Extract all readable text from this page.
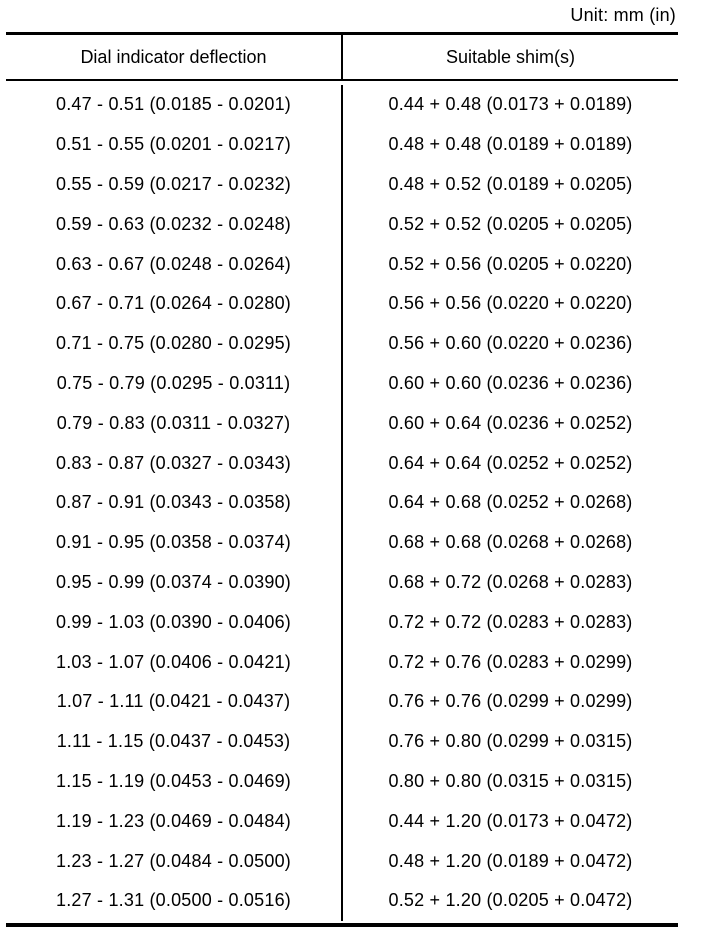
Unit: mm (in)
Dial indicator deflection	Suitable shim(s)
0.47 - 0.51 (0.0185 - 0.0201)	0.44 + 0.48 (0.0173 + 0.0189)
0.51 - 0.55 (0.0201 - 0.0217)	0.48 + 0.48 (0.0189 + 0.0189)
0.55 - 0.59 (0.0217 - 0.0232)	0.48 + 0.52 (0.0189 + 0.0205)
0.59 - 0.63 (0.0232 - 0.0248)	0.52 + 0.52 (0.0205 + 0.0205)
0.63 - 0.67 (0.0248 - 0.0264)	0.52 + 0.56 (0.0205 + 0.0220)
0.67 - 0.71 (0.0264 - 0.0280)	0.56 + 0.56 (0.0220 + 0.0220)
0.71 - 0.75 (0.0280 - 0.0295)	0.56 + 0.60 (0.0220 + 0.0236)
0.75 - 0.79 (0.0295 - 0.0311)	0.60 + 0.60 (0.0236 + 0.0236)
0.79 - 0.83 (0.0311 - 0.0327)	0.60 + 0.64 (0.0236 + 0.0252)
0.83 - 0.87 (0.0327 - 0.0343)	0.64 + 0.64 (0.0252 + 0.0252)
0.87 - 0.91 (0.0343 - 0.0358)	0.64 + 0.68 (0.0252 + 0.0268)
0.91 - 0.95 (0.0358 - 0.0374)	0.68 + 0.68 (0.0268 + 0.0268)
0.95 - 0.99 (0.0374 - 0.0390)	0.68 + 0.72 (0.0268 + 0.0283)
0.99 - 1.03 (0.0390 - 0.0406)	0.72 + 0.72 (0.0283 + 0.0283)
1.03 - 1.07 (0.0406 - 0.0421)	0.72 + 0.76 (0.0283 + 0.0299)
1.07 - 1.11 (0.0421 - 0.0437)	0.76 + 0.76 (0.0299 + 0.0299)
1.11 - 1.15 (0.0437 - 0.0453)	0.76 + 0.80 (0.0299 + 0.0315)
1.15 - 1.19 (0.0453 - 0.0469)	0.80 + 0.80 (0.0315 + 0.0315)
1.19 - 1.23 (0.0469 - 0.0484)	0.44 + 1.20 (0.0173 + 0.0472)
1.23 - 1.27 (0.0484 - 0.0500)	0.48 + 1.20 (0.0189 + 0.0472)
1.27 - 1.31 (0.0500 - 0.0516)	0.52 + 1.20 (0.0205 + 0.0472)
